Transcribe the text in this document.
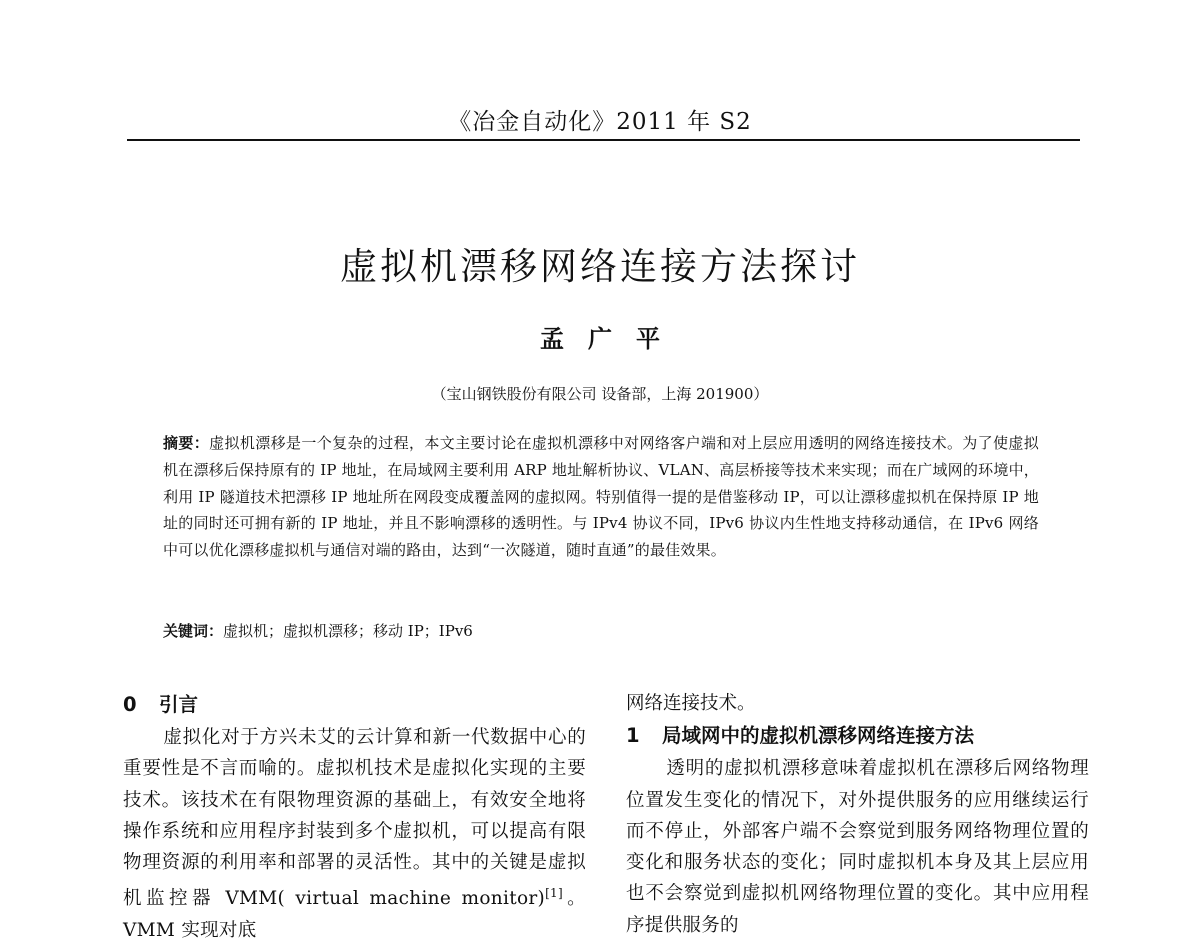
《冶金自动化》2011 年 S2
虚拟机漂移网络连接方法探讨
孟广平
（宝山钢铁股份有限公司 设备部，上海 201900）
摘要：虚拟机漂移是一个复杂的过程，本文主要讨论在虚拟机漂移中对网络客户端和对上层应用透明的网络连接技术。为了使虚拟机在漂移后保持原有的 IP 地址，在局域网主要利用 ARP 地址解析协议、VLAN、高层桥接等技术来实现；而在广域网的环境中，利用 IP 隧道技术把漂移 IP 地址所在网段变成覆盖网的虚拟网。特别值得一提的是借鉴移动 IP，可以让漂移虚拟机在保持原 IP 地址的同时还可拥有新的 IP 地址，并且不影响漂移的透明性。与 IPv4 协议不同，IPv6 协议内生性地支持移动通信，在 IPv6 网络中可以优化漂移虚拟机与通信对端的路由，达到“一次隧道，随时直通”的最佳效果。
关键词：虚拟机；虚拟机漂移；移动 IP；IPv6
0 引言
虚拟化对于方兴未艾的云计算和新一代数据中心的重要性是不言而喻的。虚拟机技术是虚拟化实现的主要技术。该技术在有限物理资源的基础上，有效安全地将操作系统和应用程序封装到多个虚拟机，可以提高有限物理资源的利用率和部署的灵活性。其中的关键是虚拟机监控器 VMM( virtual machine monitor)[1]。VMM 实现对底
网络连接技术。
1 局域网中的虚拟机漂移网络连接方法
透明的虚拟机漂移意味着虚拟机在漂移后网络物理位置发生变化的情况下，对外提供服务的应用继续运行而不停止，外部客户端不会察觉到服务网络物理位置的变化和服务状态的变化；同时虚拟机本身及其上层应用也不会察觉到虚拟机网络物理位置的变化。其中应用程序提供服务的
